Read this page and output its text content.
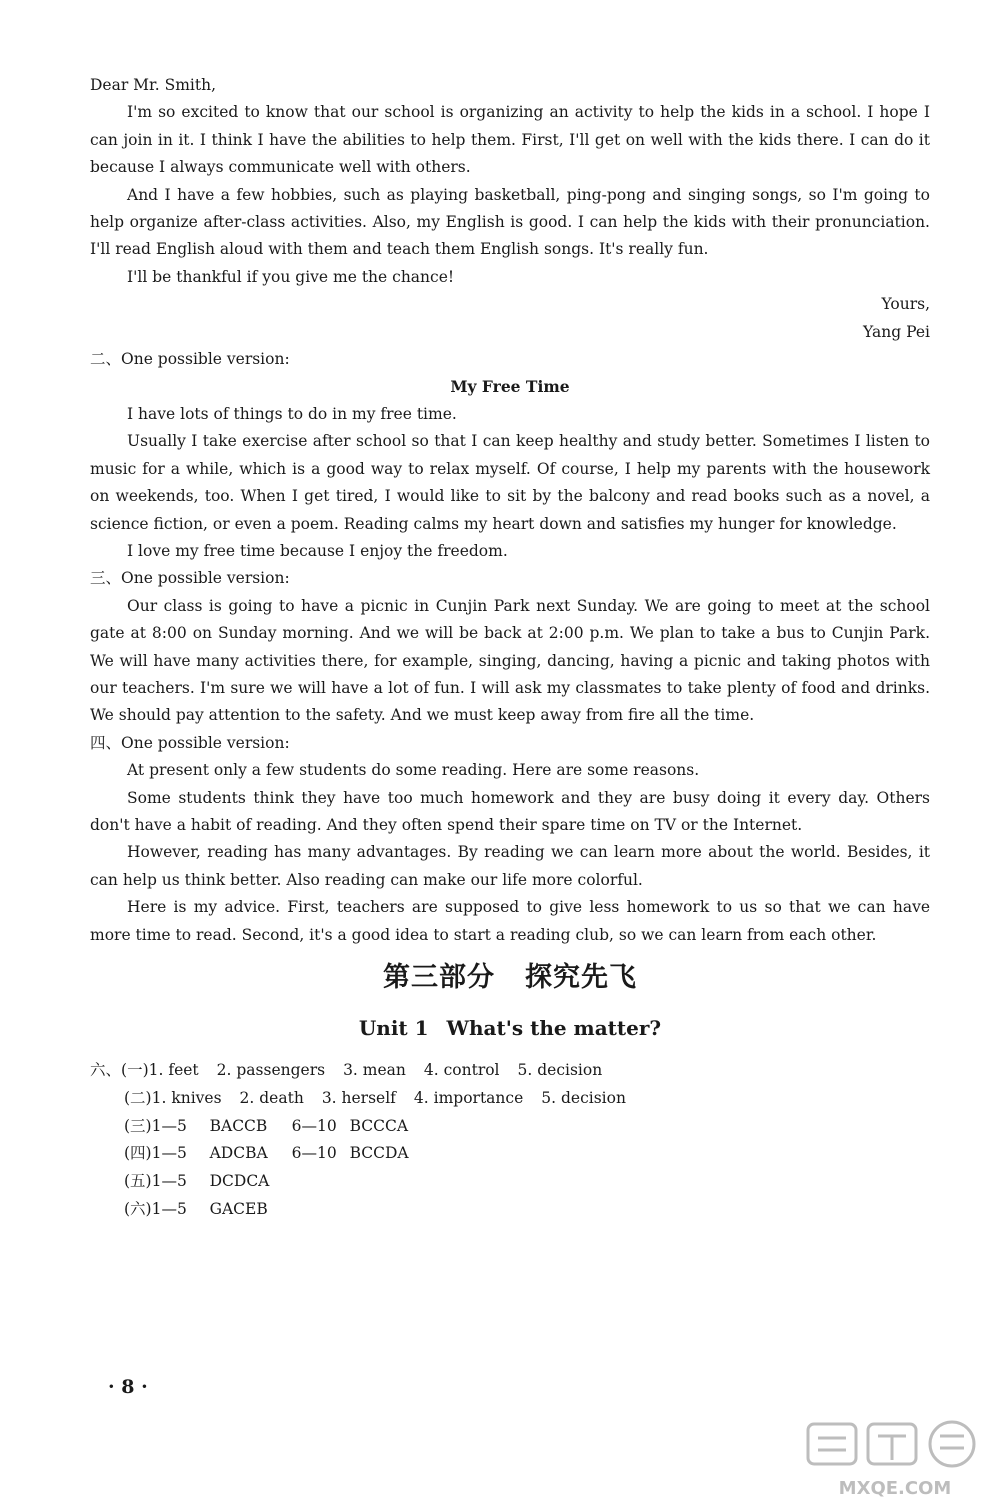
Dear Mr. Smith,

I'm so excited to know that our school is organizing an activity to help the kids in a school. I hope I can join in it. I think I have the abilities to help them. First, I'll get on well with the kids there. I can do it because I always communicate well with others.

And I have a few hobbies, such as playing basketball, ping-pong and singing songs, so I'm going to help organize after-class activities. Also, my English is good. I can help the kids with their pronunciation. I'll read English aloud with them and teach them English songs. It's really fun.

I'll be thankful if you give me the chance!

Yours,

Yang Pei

二、One possible version:

My Free Time

I have lots of things to do in my free time.

Usually I take exercise after school so that I can keep healthy and study better. Sometimes I listen to music for a while, which is a good way to relax myself. Of course, I help my parents with the housework on weekends, too. When I get tired, I would like to sit by the balcony and read books such as a novel, a science fiction, or even a poem. Reading calms my heart down and satisfies my hunger for knowledge.

I love my free time because I enjoy the freedom.

三、One possible version:

Our class is going to have a picnic in Cunjin Park next Sunday. We are going to meet at the school gate at 8:00 on Sunday morning. And we will be back at 2:00 p.m. We plan to take a bus to Cunjin Park. We will have many activities there, for example, singing, dancing, having a picnic and taking photos with our teachers. I'm sure we will have a lot of fun. I will ask my classmates to take plenty of food and drinks. We should pay attention to the safety. And we must keep away from fire all the time.

四、One possible version:

At present only a few students do some reading. Here are some reasons.

Some students think they have too much homework and they are busy doing it every day. Others don't have a habit of reading. And they often spend their spare time on TV or the Internet.

However, reading has many advantages. By reading we can learn more about the world. Besides, it can help us think better. Also reading can make our life more colorful.

Here is my advice. First, teachers are supposed to give less homework to us so that we can have more time to read. Second, it's a good idea to start a reading club, so we can learn from each other.

第三部分 探究先飞
Unit 1 What's the matter?
六、 (一) 1. feet 2. passengers 3. mean 4. control 5. decision
(二) 1. knives 2. death 3. herself 4. importance 5. decision
(三) 1—5	BACCB	6—10 BCCCA
(四) 1—5	ADCBA	6—10 BCCDA
(五) 1—5	DCDCA
(六) 1—5	GACEB
· 8 ·
MXQE.COM
